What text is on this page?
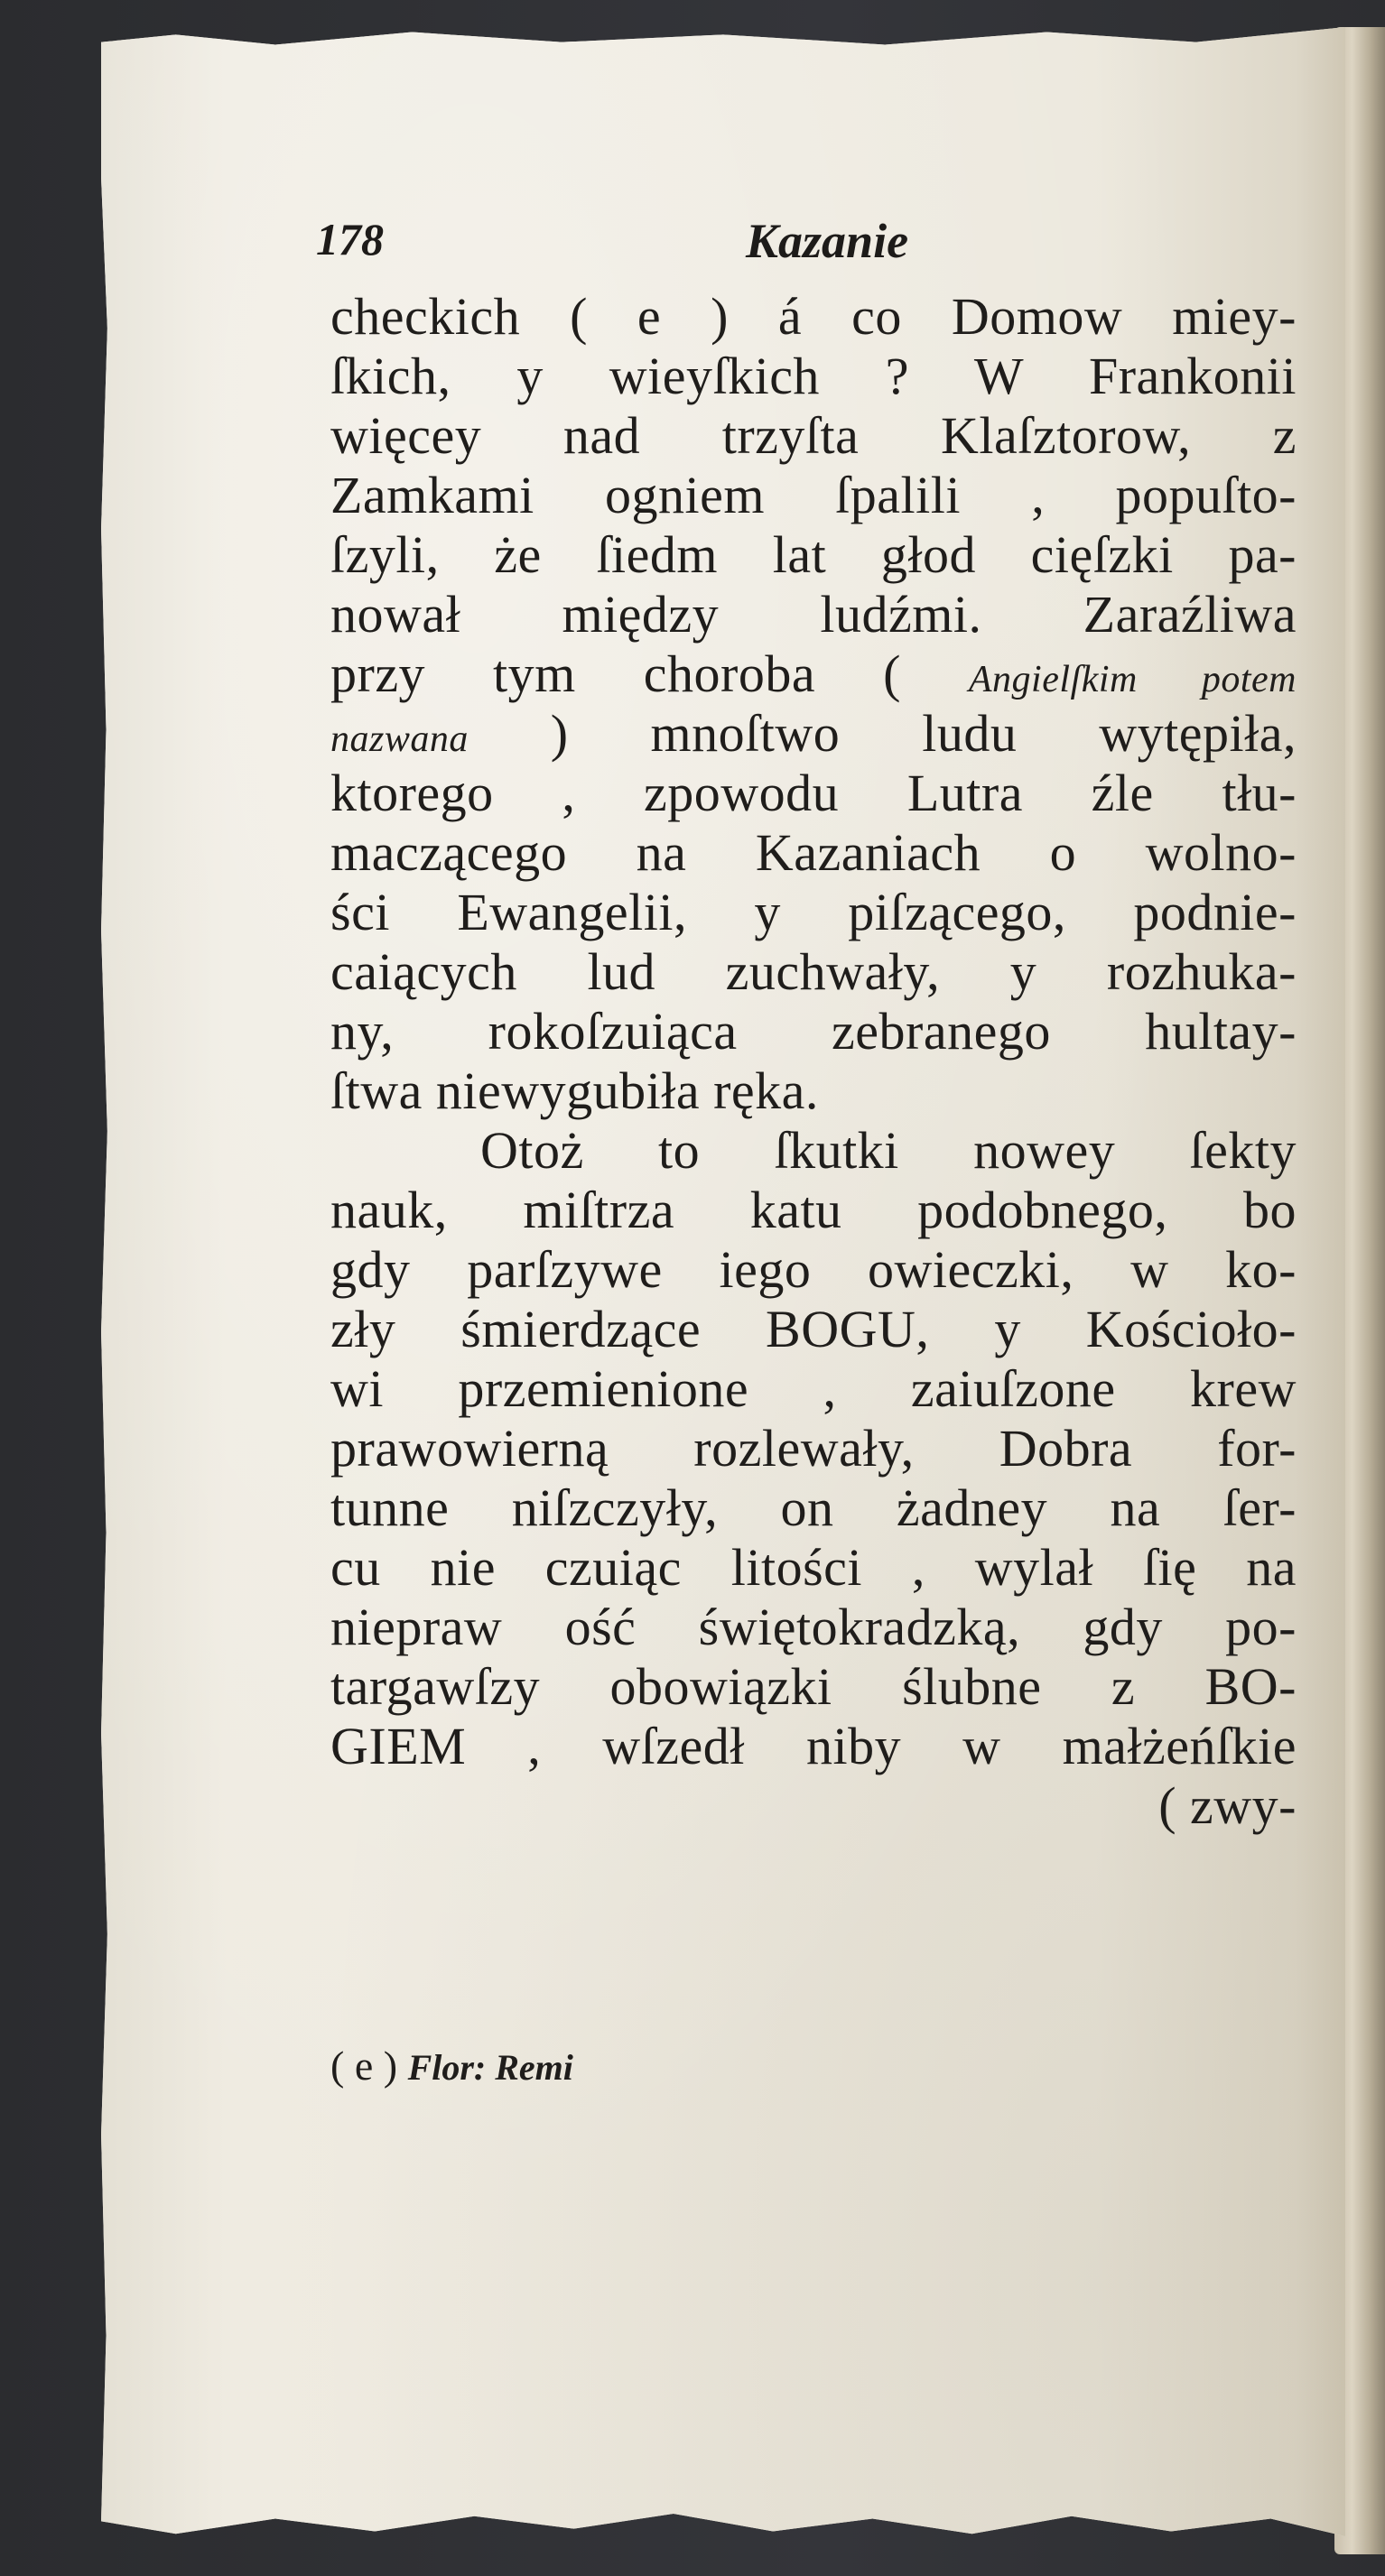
178	Kazanie
checkich ( e ) á co Domow miey-
ſkich, y wieyſkich ? W Frankonii
więcey nad trzyſta Klaſztorow, z
Zamkami ogniem ſpalili , popuſto-
ſzyli, że ſiedm lat głod cięſzki pa-
nował między ludźmi. Zaraźliwa
przy tym choroba ( Angielſkim potem
nazwana ) mnoſtwo ludu wytępiła,
ktorego , zpowodu Lutra źle tłu-
maczącego na Kazaniach o wolno-
ści Ewangelii, y piſzącego, podnie-
caiących lud zuchwały, y rozhuka-
ny, rokoſzuiąca zebranego hultay-
ſtwa niewygubiła ręka.
Otoż to ſkutki nowey ſekty
nauk, miſtrza katu podobnego, bo
gdy parſzywe iego owieczki, w ko-
zły śmierdzące BOGU, y Kościoło-
wi przemienione , zaiuſzone krew
prawowierną rozlewały, Dobra for-
tunne niſzczyły, on żadney na ſer-
cu nie czuiąc litości , wylał ſię na
niepraw ość świętokradzką, gdy po-
targawſzy obowiązki ślubne z BO-
GIEM , wſzedł niby w małżeńſkie
( zwy-
( e ) Flor: Remi
